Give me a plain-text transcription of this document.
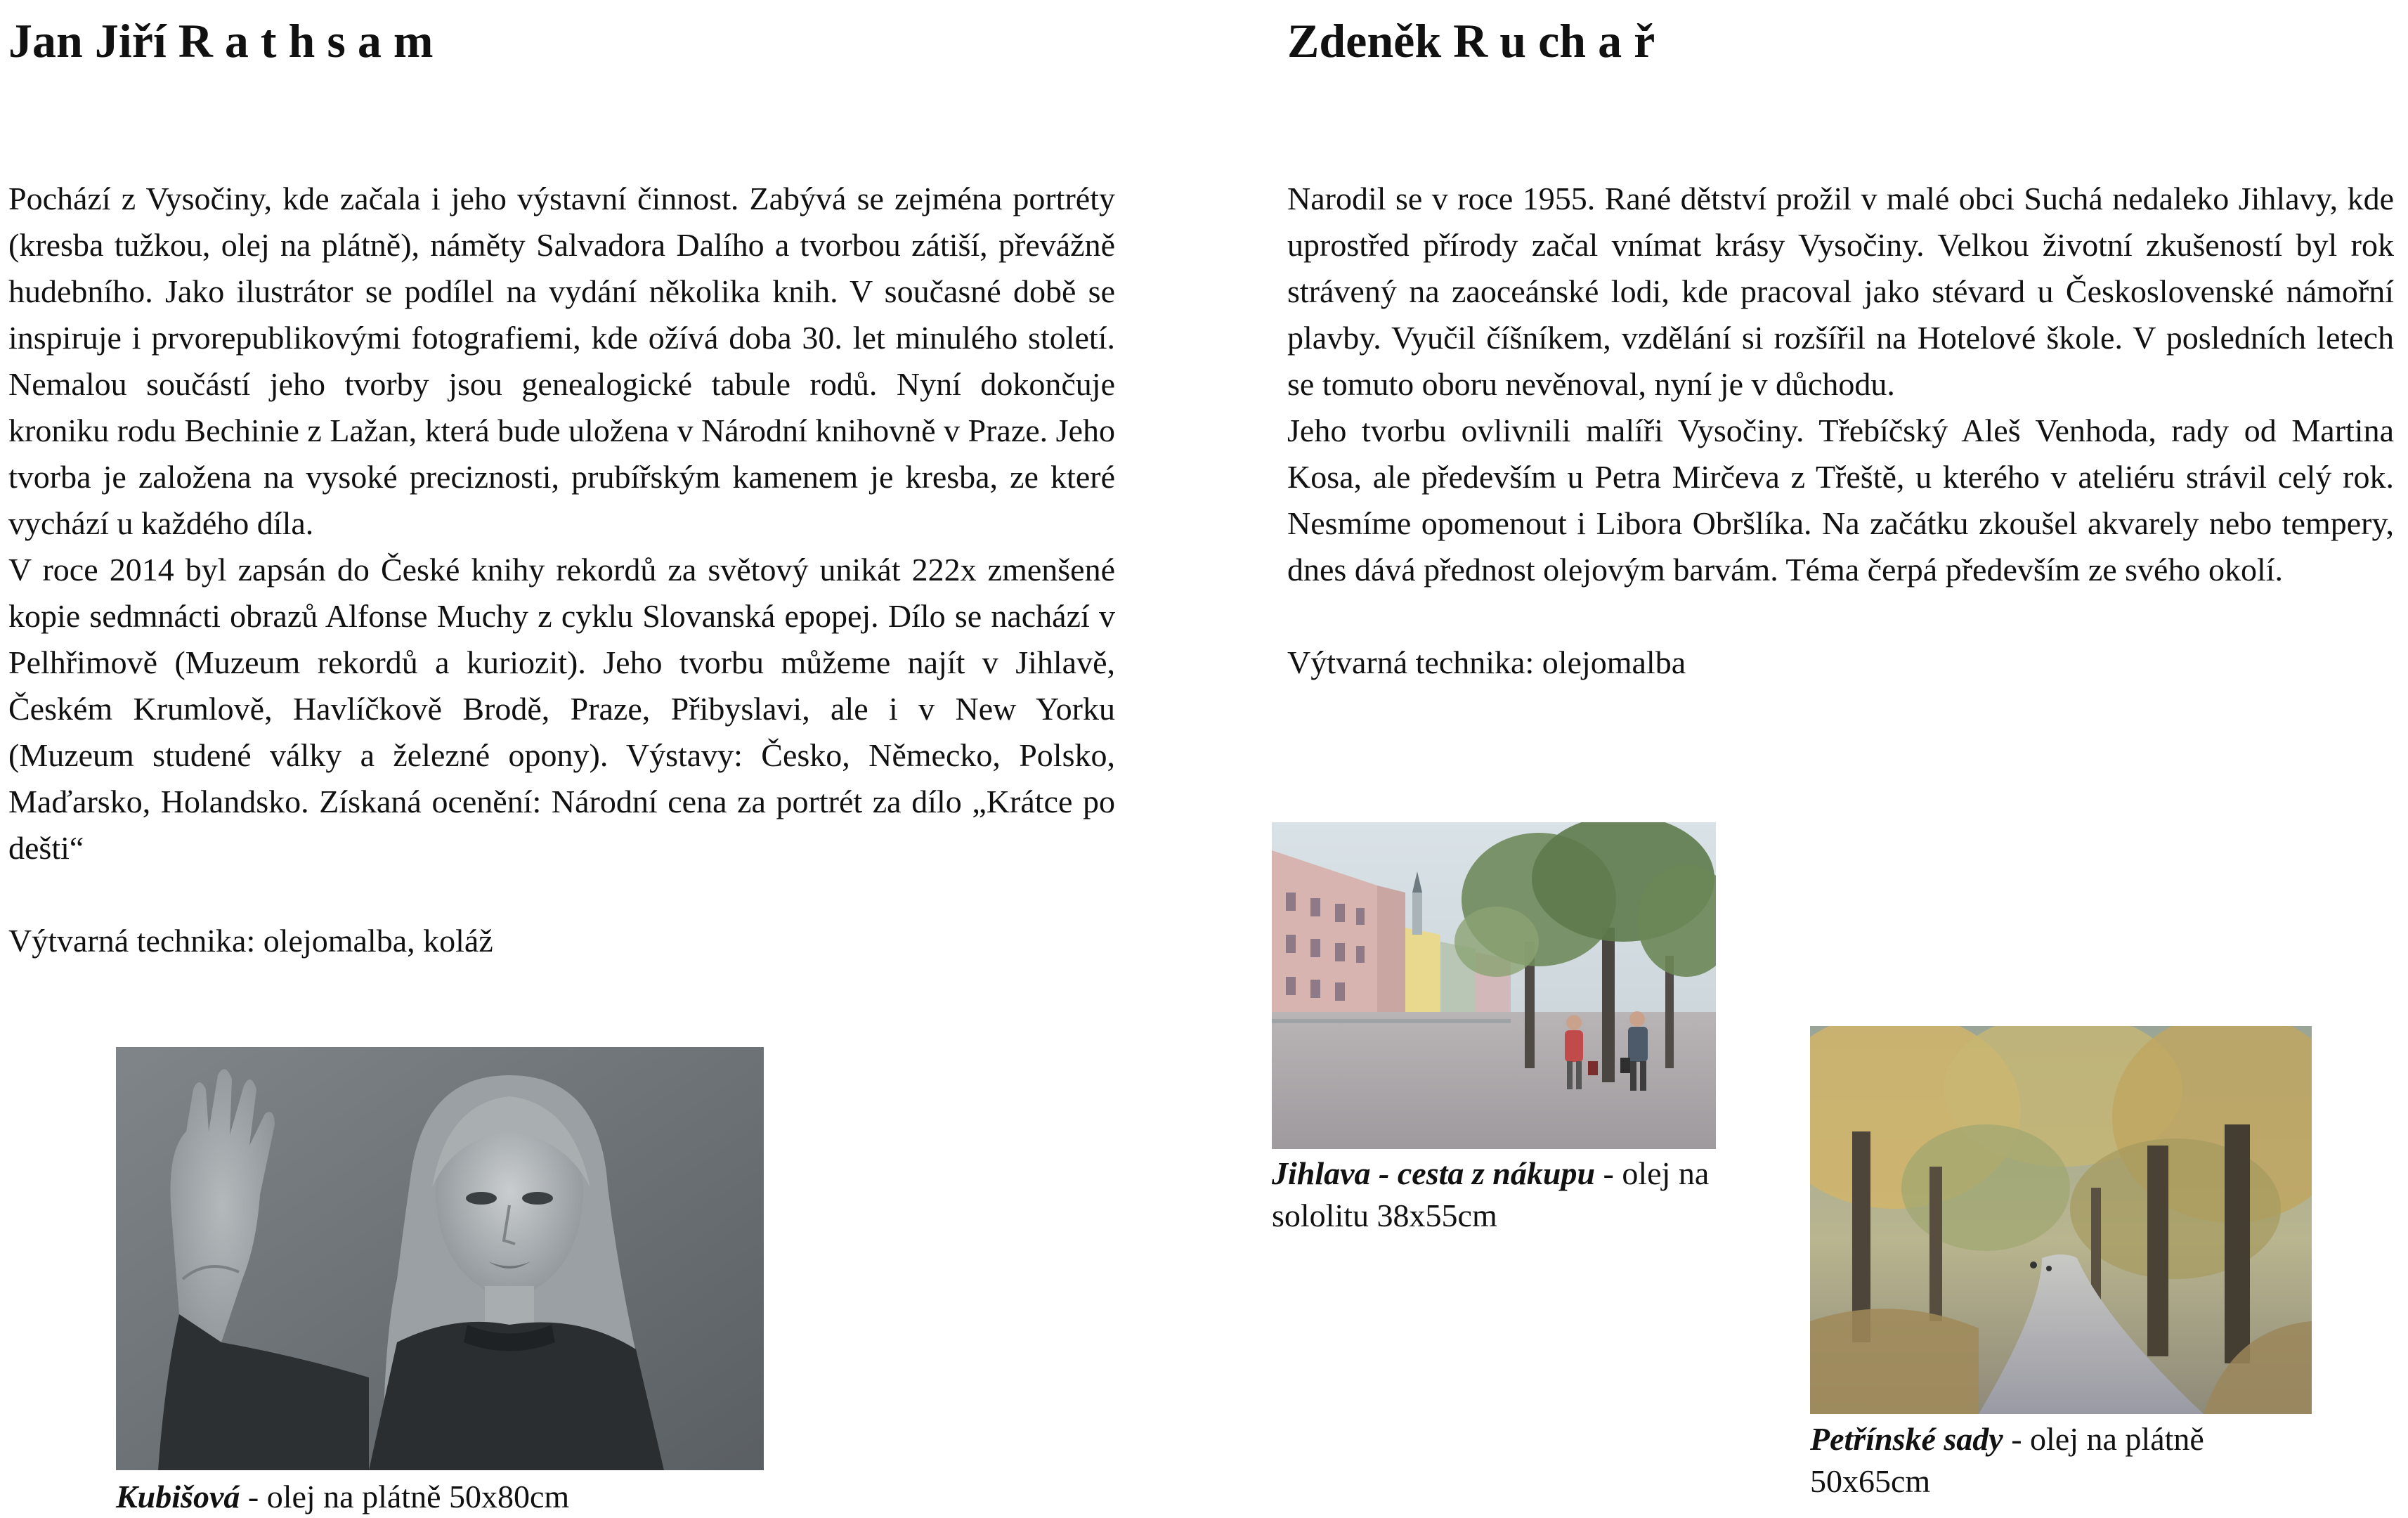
Jan Jiří R a t h s a m

Pochází z Vysočiny, kde začala i jeho výstavní činnost. Zabývá se zejména portréty (kresba tužkou, olej na plátně), náměty Salvadora Dalího a tvorbou zátiší, převážně hudebního. Jako ilustrátor se podílel na vydání několika knih. V současné době se inspiruje i prvorepublikovými fotografiemi, kde ožívá doba 30. let minulého století. Nemalou součástí jeho tvorby jsou genealogické tabule rodů. Nyní dokončuje kroniku rodu Bechinie z Lažan, která bude uložena v Národní knihovně v Praze. Jeho tvorba je založena na vysoké preciznosti, prubířským kamenem je kresba, ze které vychází u každého díla.

V roce 2014 byl zapsán do České knihy rekordů za světový unikát 222x zmenšené kopie sedmnácti obrazů Alfonse Muchy z cyklu Slovanská epopej. Dílo se nachází v Pelhřimově (Muzeum rekordů a kuriozit). Jeho tvorbu můžeme najít v Jihlavě, Českém Krumlově, Havlíčkově Brodě, Praze, Přibyslavi, ale i v New Yorku (Muzeum studené války a železné opony). Výstavy: Česko, Německo, Polsko, Maďarsko, Holandsko. Získaná ocenění: Národní cena za portrét za dílo „Krátce po dešti“

Výtvarná technika: olejomalba, koláž

Kubišová - olej na plátně 50x80cm
Zdeněk R u ch a ř

Narodil se v roce 1955. Rané dětství prožil v malé obci Suchá nedaleko Jihlavy, kde uprostřed přírody začal vnímat krásy Vysočiny. Velkou životní zkušeností byl rok strávený na zaoceánské lodi, kde pracoval jako stévard u Československé námořní plavby. Vyučil číšníkem, vzdělání si rozšířil na Hotelové škole. V posledních letech se tomuto oboru nevěnoval, nyní je v důchodu.

Jeho tvorbu ovlivnili malíři Vysočiny. Třebíčský Aleš Venhoda, rady od Martina Kosa, ale především u Petra Mirčeva z Třeště, u kterého v ateliéru strávil celý rok. Nesmíme opomenout i Libora Obršlíka. Na začátku zkoušel akvarely nebo tempery, dnes dává přednost olejovým barvám. Téma čerpá především ze svého okolí.

Výtvarná technika: olejomalba

Jihlava - cesta z nákupu - olej na sololitu 38x55cm
Petřínské sady - olej na plátně 50x65cm
